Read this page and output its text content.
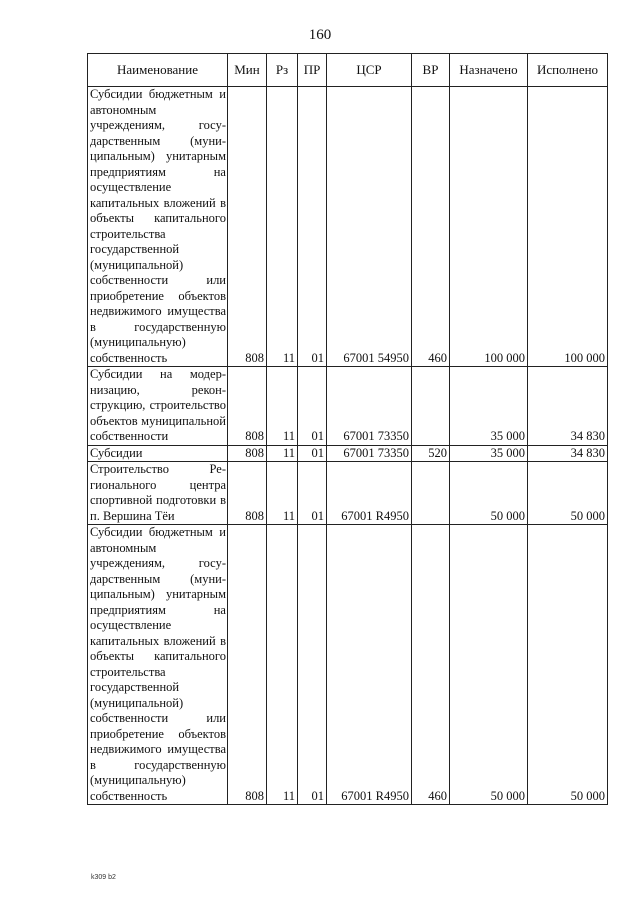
160
Наименование	Мин	Рз	ПР	ЦСР	ВР	Назначено	Исполнено
Субсидии бюджетным и автономным учреждениям, государственным (муниципальным) унитарным предприятиям на осуществление капитальных вложений в объекты капитального строительства государственной (муниципальной) собственности или приобретение объектов недвижимого имущества в государственную (муниципальную) собственность	808	11	01	67001 54950	460	100 000	100 000
Субсидии на модернизацию, реконструкцию, строительство объектов муниципальной собственности	808	11	01	67001 73350		35 000	34 830
Субсидии	808	11	01	67001 73350	520	35 000	34 830
Строительство Регионального центра спортивной подготовки в п. Вершина Тёи	808	11	01	67001 R4950		50 000	50 000
Субсидии бюджетным и автономным учреждениям, государственным (муниципальным) унитарным предприятиям на осуществление капитальных вложений в объекты капитального строительства государственной (муниципальной) собственности или приобретение объектов недвижимого имущества в государственную (муниципальную) собственность	808	11	01	67001 R4950	460	50 000	50 000
k309 b2
